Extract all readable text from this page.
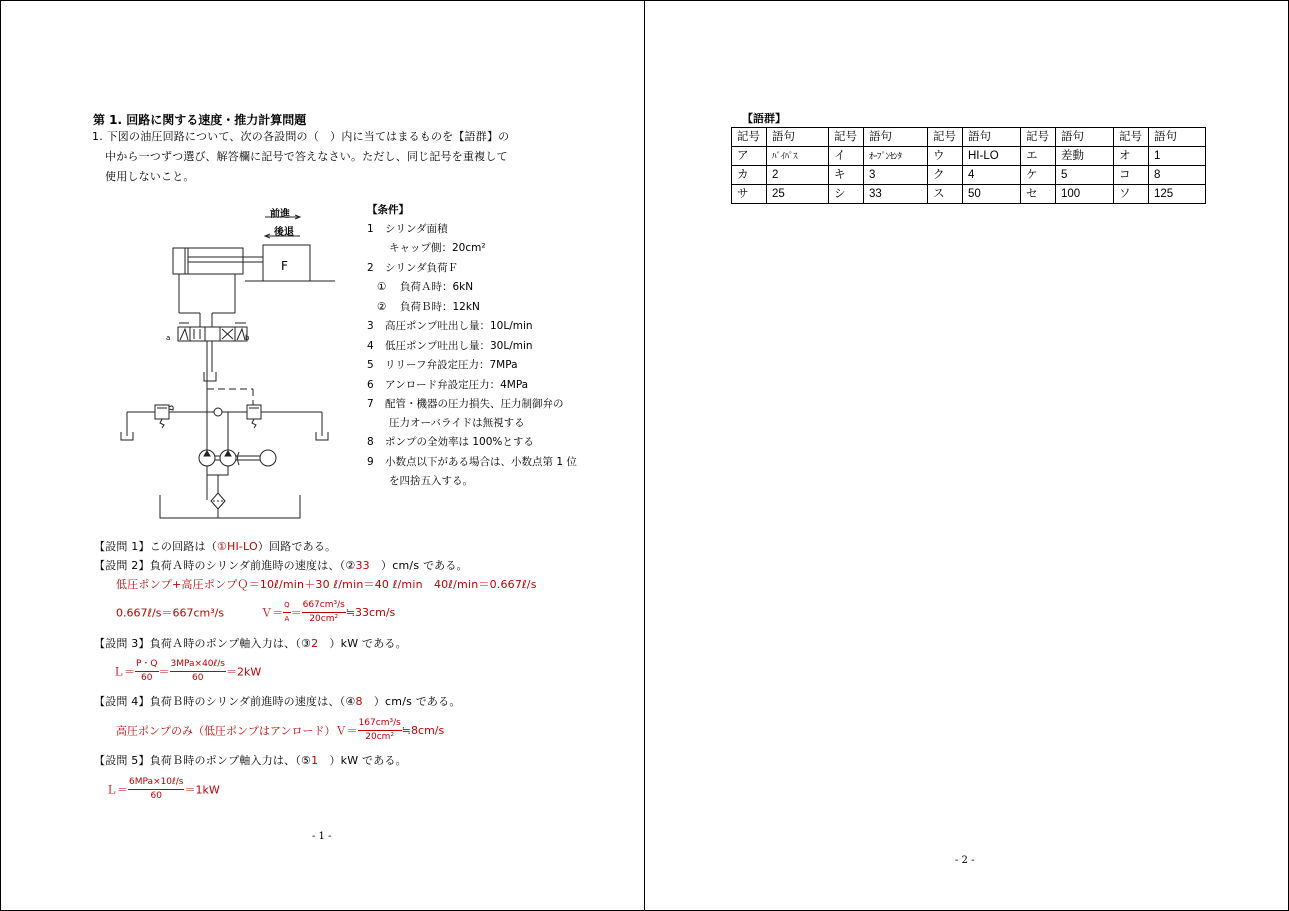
第 1. 回路に関する速度・推力計算問題
1. 下図の油圧回路について、次の各設問の（　）内に当てはまるものを【語群】の
中から一つずつ選び、解答欄に記号で答えなさい。ただし、同じ記号を重複して
使用しないこと。
前進
後退
F
a	b
【条件】
1 シリンダ面積
キャップ側：20cm²
2 シリンダ負荷Ｆ
① 負荷Ａ時：6kN
② 負荷Ｂ時：12kN
3 高圧ポンプ吐出し量：10L/min
4 低圧ポンプ吐出し量：30L/min
5 リリーフ弁設定圧力：7MPa
6 アンロード弁設定圧力：4MPa
7 配管・機器の圧力損失、圧力制御弁の
圧力オーバライドは無視する
8 ポンプの全効率は 100%とする
9 小数点以下がある場合は、小数点第 1 位
を四捨五入する。
【設問 1】この回路は（①HI-LO）回路である。
【設問 2】負荷Ａ時のシリンダ前進時の速度は、（②33　）cm/s である。
低圧ポンプ+高圧ポンプＱ＝10ℓ/min＋30 ℓ/min＝40 ℓ/min　40ℓ/min＝0.667ℓ/s
0.667ℓ/s＝667cm³/s	Ｖ＝ $\frac{Q}{A} = \frac{\text{667cm³/s}}{\text{20cm²}}$ ≒33cm/s
【設問 3】負荷Ａ時のポンプ軸入力は、（③2　）kW である。
Ｌ＝ $\frac{P・Q}{60} = \frac{\text{3MPa×40ℓ/s}}{60} =2kW$
【設問 4】負荷Ｂ時のシリンダ前進時の速度は、（④8　）cm/s である。
高圧ポンプのみ（低圧ポンプはアンロード）Ｖ＝ $\frac{\text{167cm³/s}}{\text{20cm²}}$ ≒8cm/s
【設問 5】負荷Ｂ時のポンプ軸入力は、（⑤1　）kW である。
Ｌ＝ $\frac{\text{6MPa×10ℓ/s}}{60} =1kW$
- 1 -
【語群】
記号	語句	記号	語句	記号	語句	記号	語句	記号	語句
ア	ﾊﾞｲﾊﾟｽ	イ	ｵｰﾌﾟﾝｾﾝﾀ	ウ	HI-LO	エ	差動	オ	1
カ	2	キ	3	ク	4	ケ	5	コ	8
サ	25	シ	33	ス	50	セ	100	ソ	125
- 2 -
